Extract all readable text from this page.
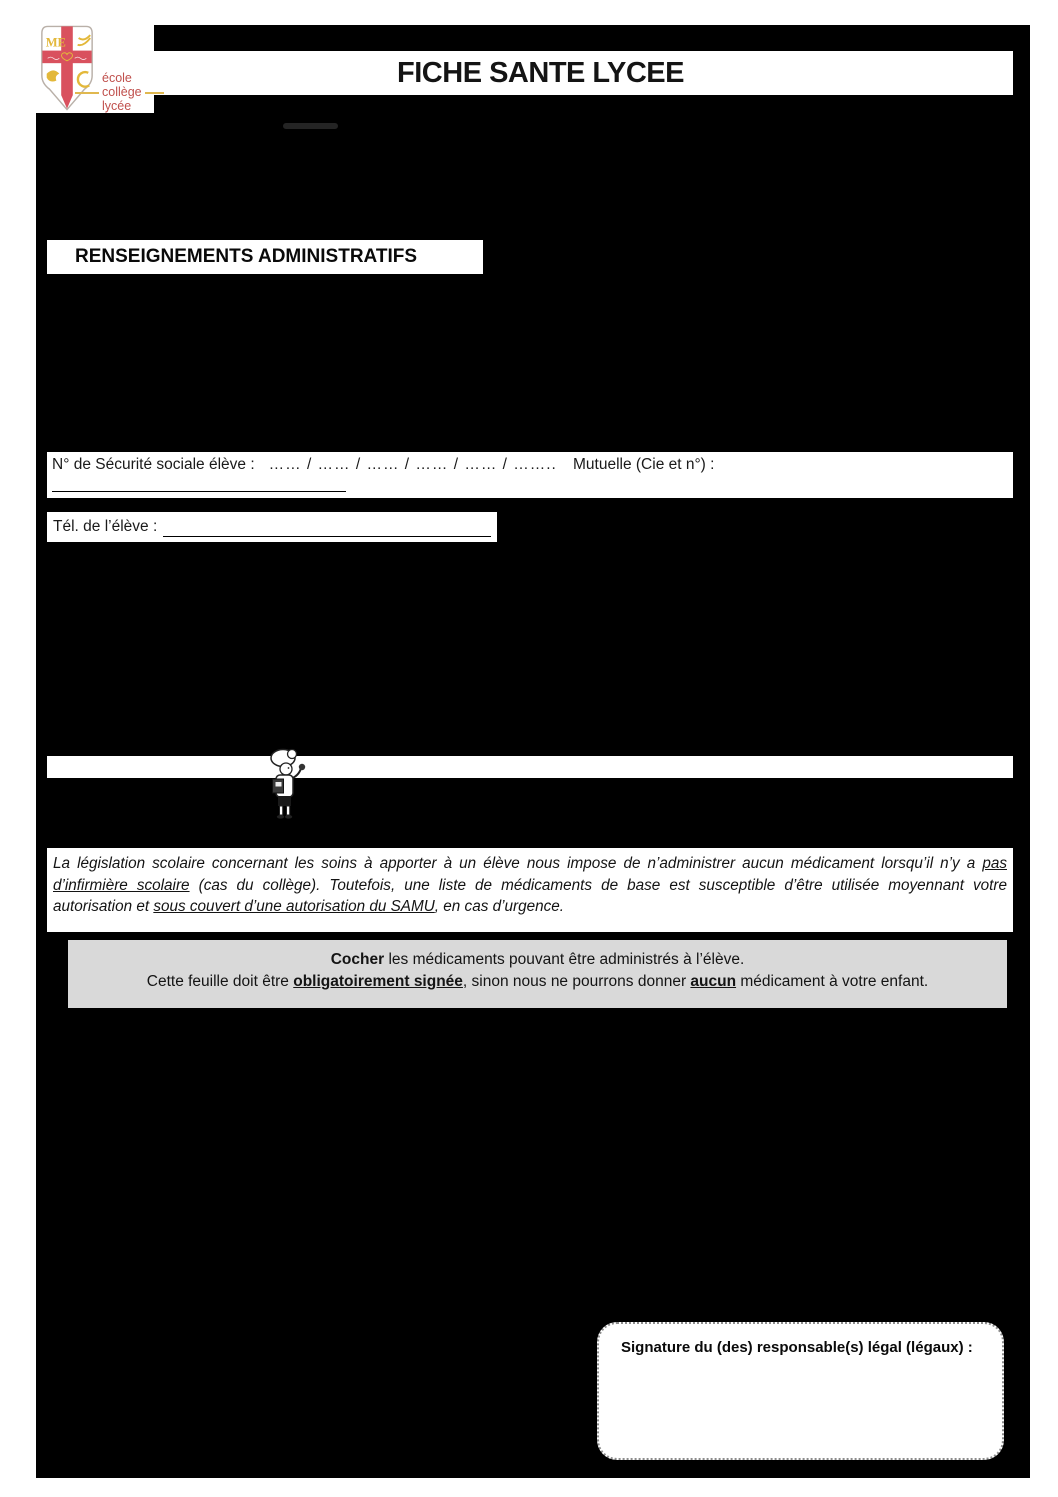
ME
école
collège
lycée
FICHE SANTE LYCEE
RENSEIGNEMENTS ADMINISTRATIFS
N° de Sécurité sociale élève : …… / …… / …… / …… / …… / …….. Mutuelle (Cie et n°) :
Tél. de l’élève :
La législation scolaire concernant les soins à apporter à un élève nous impose de n’administrer aucun médicament lorsqu’il n’y a pas d’infirmière scolaire (cas du collège). Toutefois, une liste de médicaments de base est susceptible d’être utilisée moyennant votre autorisation et sous couvert d’une autorisation du SAMU, en cas d’urgence.
Cocher les médicaments pouvant être administrés à l’élève.
Cette feuille doit être obligatoirement signée, sinon nous ne pourrons donner aucun médicament à votre enfant.
Signature du (des) responsable(s) légal (légaux) :
